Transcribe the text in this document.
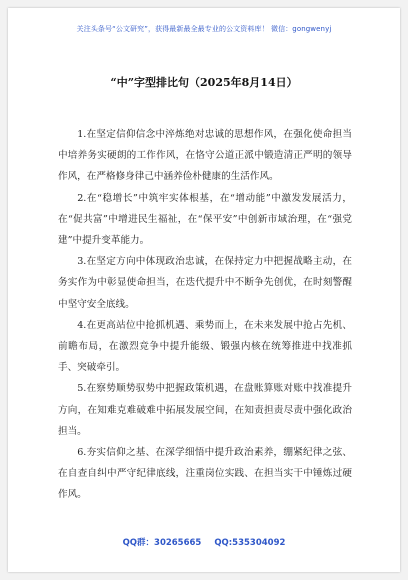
关注头条号“公文研究”，获得最新最全最专业的公文资料库！ 微信：gongwenyj
“中”字型排比句（2025年8月14日）

1.在坚定信仰信念中淬炼绝对忠诚的思想作风，在强化使命担当中培养务实硬朗的工作作风，在恪守公道正派中锻造清正严明的领导作风，在严格修身律己中涵养俭朴健康的生活作风。

2.在“稳增长”中筑牢实体根基，在“增动能”中激发发展活力，在“促共富”中增进民生福祉，在“保平安”中创新市域治理，在“强党建”中提升变革能力。

3.在坚定方向中体现政治忠诚，在保持定力中把握战略主动，在务实作为中彰显使命担当，在迭代提升中不断争先创优，在时刻警醒中坚守安全底线。

4.在更高站位中抢抓机遇、乘势而上，在未来发展中抢占先机、前瞻布局，在激烈竞争中提升能级、锻强内核在统筹推进中找准抓手、突破牵引。

5.在察势顺势驭势中把握政策机遇，在盘账算账对账中找准提升方向，在知难克难破难中拓展发展空间，在知责担责尽责中强化政治担当。

6.夯实信仰之基、在深学细悟中提升政治素养，绷紧纪律之弦、在自查自纠中严守纪律底线，注重岗位实践、在担当实干中锤炼过硬作风。

QQ群：30265665 QQ:535304092
